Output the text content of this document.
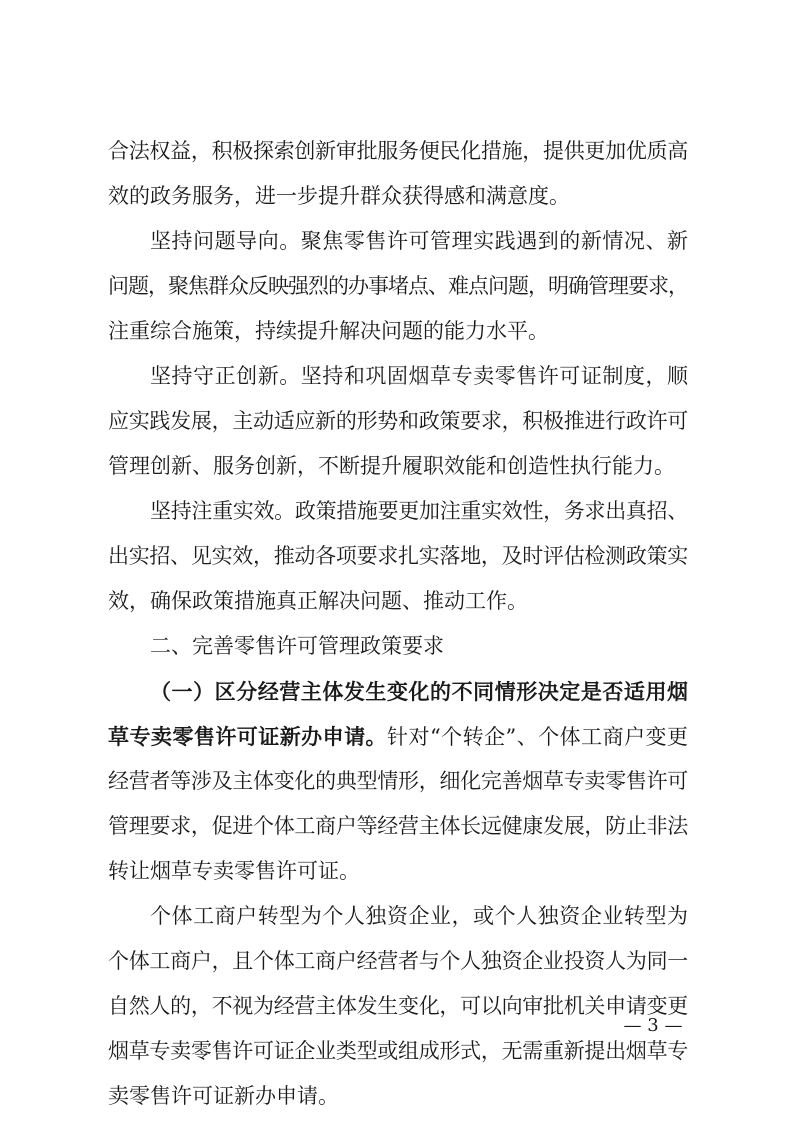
合法权益，积极探索创新审批服务便民化措施，提供更加优质高
效的政务服务，进一步提升群众获得感和满意度。
坚持问题导向。聚焦零售许可管理实践遇到的新情况、新
问题，聚焦群众反映强烈的办事堵点、难点问题，明确管理要求，
注重综合施策，持续提升解决问题的能力水平。
坚持守正创新。坚持和巩固烟草专卖零售许可证制度，顺
应实践发展，主动适应新的形势和政策要求，积极推进行政许可
管理创新、服务创新，不断提升履职效能和创造性执行能力。
坚持注重实效。政策措施要更加注重实效性，务求出真招、
出实招、见实效，推动各项要求扎实落地，及时评估检测政策实
效，确保政策措施真正解决问题、推动工作。
二、完善零售许可管理政策要求
（一）区分经营主体发生变化的不同情形决定是否适用烟
草专卖零售许可证新办申请。针对“个转企”、个体工商户变更
经营者等涉及主体变化的典型情形，细化完善烟草专卖零售许可
管理要求，促进个体工商户等经营主体长远健康发展，防止非法
转让烟草专卖零售许可证。
个体工商户转型为个人独资企业，或个人独资企业转型为
个体工商户，且个体工商户经营者与个人独资企业投资人为同一
自然人的，不视为经营主体发生变化，可以向审批机关申请变更
烟草专卖零售许可证企业类型或组成形式，无需重新提出烟草专
卖零售许可证新办申请。
— 3 —
